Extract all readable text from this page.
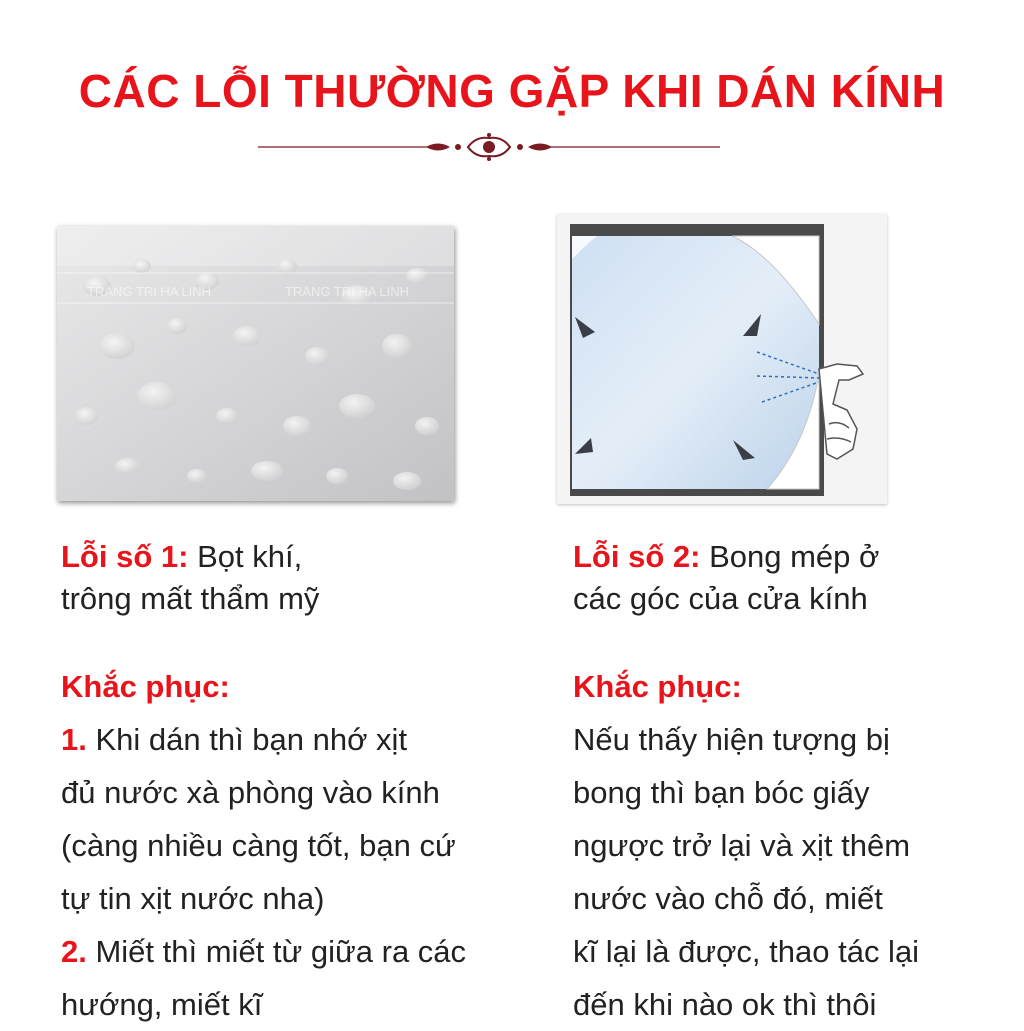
CÁC LỖI THƯỜNG GẶP KHI DÁN KÍNH
TRANG TRI HA LINH	TRANG TRI HA LINH

Lỗi số 1: Bọt khí,
trông mất thẩm mỹ

Lỗi số 2: Bong mép ở
các góc của cửa kính

Khắc phục:
1. Khi dán thì bạn nhớ xịt
đủ nước xà phòng vào kính
(càng nhiều càng tốt, bạn cứ
tự tin xịt nước nha)
2. Miết thì miết từ giữa ra các
hướng, miết kĩ

Khắc phục:
Nếu thấy hiện tượng bị
bong thì bạn bóc giấy
ngược trở lại và xịt thêm
nước vào chỗ đó, miết
kĩ lại là được, thao tác lại
đến khi nào ok thì thôi
